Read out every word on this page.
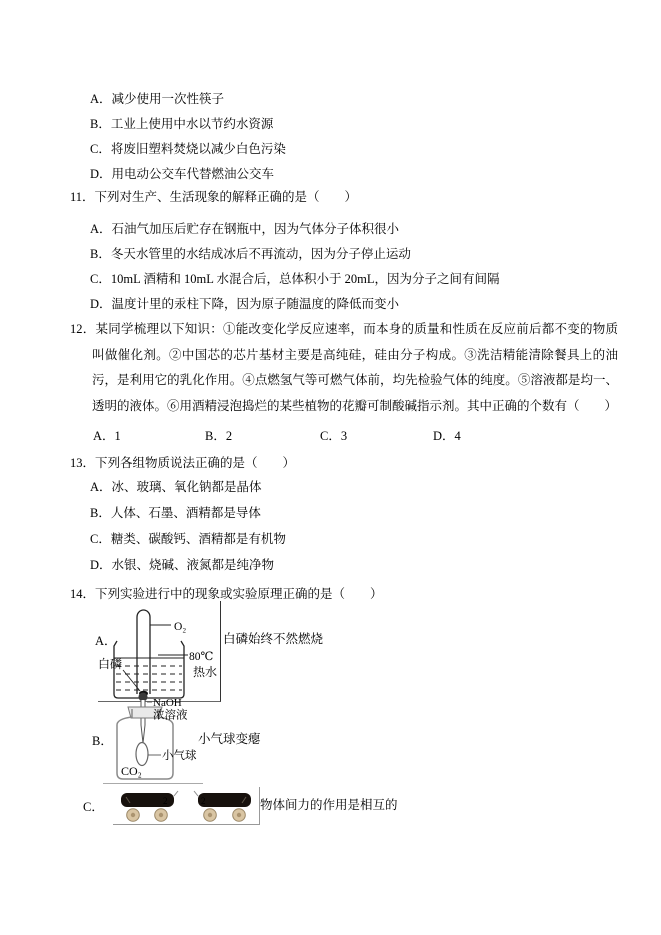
A．减少使用一次性筷子
B．工业上使用中水以节约水资源
C．将废旧塑料焚烧以减少白色污染
D．用电动公交车代替燃油公交车
11．下列对生产、生活现象的解释正确的是（　　）
A．石油气加压后贮存在钢瓶中，因为气体分子体积很小
B．冬天水管里的水结成冰后不再流动，因为分子停止运动
C．10mL 酒精和 10mL 水混合后，总体积小于 20mL，因为分子之间有间隔
D．温度计里的汞柱下降，因为原子随温度的降低而变小
12．某同学梳理以下知识：①能改变化学反应速率，而本身的质量和性质在反应前后都不变的物质叫做催化剂。②中国芯的芯片基材主要是高纯硅，硅由分子构成。③洗洁精能清除餐具上的油污，是利用它的乳化作用。④点燃氢气等可燃气体前，均先检验气体的纯度。⑤溶液都是均一、透明的液体。⑥用酒精浸泡捣烂的某些植物的花瓣可制酸碱指示剂。其中正确的个数有（　　）
A．1	B．2	C．3	D．4
13．下列各组物质说法正确的是（　　）
A．冰、玻璃、氧化钠都是晶体
B．人体、石墨、酒精都是导体
C．糖类、碳酸钙、酒精都是有机物
D．水银、烧碱、液氮都是纯净物
14．下列实验进行中的现象或实验原理正确的是（　　）
A．
O₂
白磷	80℃
热水
白磷始终不然燃烧
B．
小气球
NaOH
浓溶液
CO₂
小气球变瘪
C．	2	2	物体间力的作用是相互的
